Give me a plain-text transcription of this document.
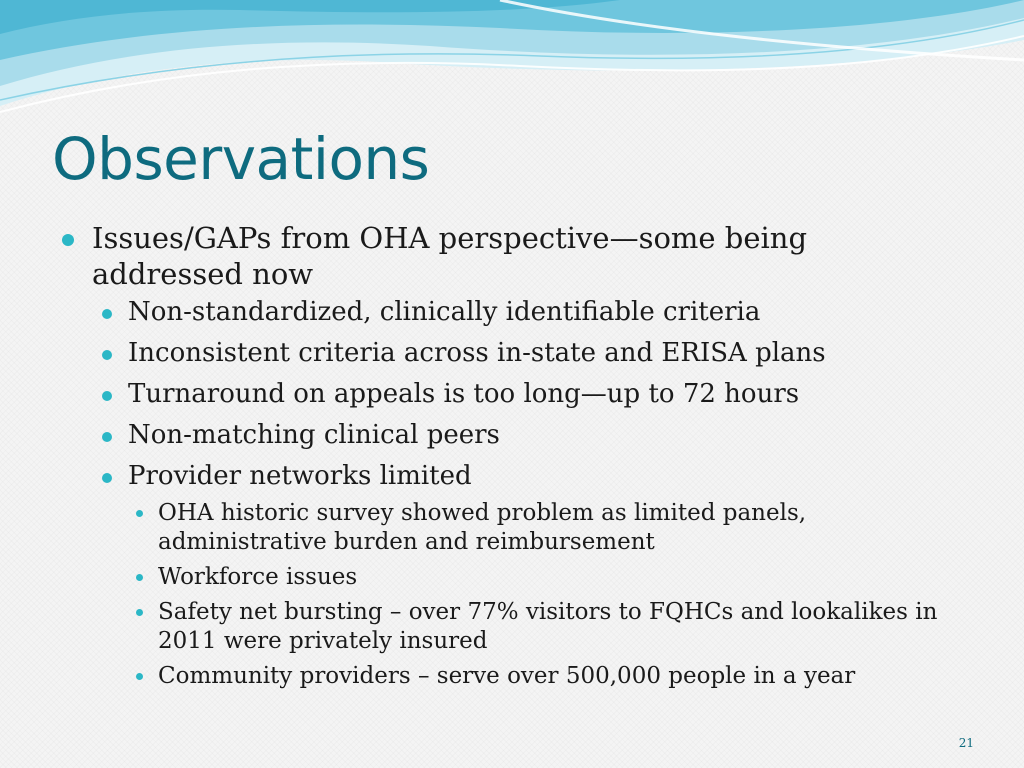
Observations
Issues/GAPs from OHA perspective—some being addressed now
Non-standardized, clinically identifiable criteria
Inconsistent criteria across in-state and ERISA plans
Turnaround on appeals is too long—up to 72 hours
Non-matching clinical peers
Provider networks limited
OHA historic survey showed problem as limited panels, administrative burden and reimbursement
Workforce issues
Safety net bursting – over 77% visitors to FQHCs and lookalikes in 2011 were privately insured
Community providers – serve over 500,000 people in a year
21
